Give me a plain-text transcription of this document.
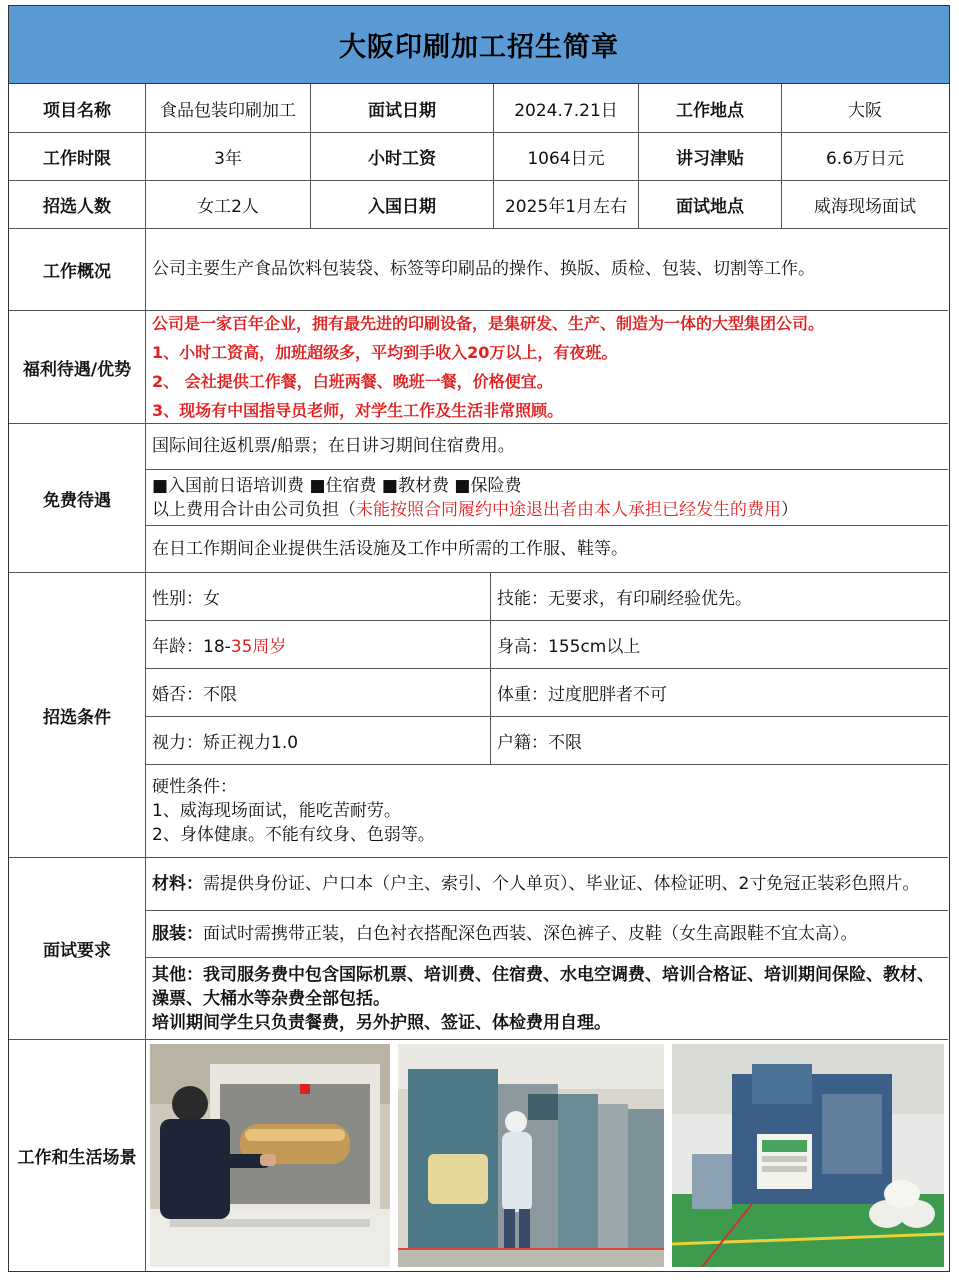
大阪印刷加工招生简章
项目名称	食品包装印刷加工	面试日期	2024.7.21日	工作地点	大阪
工作时限	3年	小时工资	1064日元	讲习津贴	6.6万日元
招选人数	女工2人	入国日期	2025年1月左右	面试地点	威海现场面试
工作概况	公司主要生产食品饮料包装袋、标签等印刷品的操作、换版、质检、包装、切割等工作。
福利待遇/优势
公司是一家百年企业，拥有最先进的印刷设备，是集研发、生产、制造为一体的大型集团公司。
1、小时工资高，加班超级多，平均到手收入20万以上，有夜班。
2、 会社提供工作餐，白班两餐、晚班一餐，价格便宜。
3、现场有中国指导员老师，对学生工作及生活非常照顾。
免费待遇
国际间往返机票/船票；在日讲习期间住宿费用。
■入国前日语培训费 ■住宿费 ■教材费 ■保险费
以上费用合计由公司负担（未能按照合同履约中途退出者由本人承担已经发生的费用）
在日工作期间企业提供生活设施及工作中所需的工作服、鞋等。
招选条件
性别：女	技能：无要求，有印刷经验优先。
年龄：18-35周岁	身高：155cm以上
婚否：不限	体重：过度肥胖者不可
视力：矫正视力1.0	户籍：不限
硬性条件：
1、威海现场面试，能吃苦耐劳。
2、身体健康。不能有纹身、色弱等。
面试要求
材料：需提供身份证、户口本（户主、索引、个人单页）、毕业证、体检证明、2寸免冠正装彩色照片。
服装：面试时需携带正装，白色衬衣搭配深色西装、深色裤子、皮鞋（女生高跟鞋不宜太高）。
其他：我司服务费中包含国际机票、培训费、住宿费、水电空调费、培训合格证、培训期间保险、教材、澡票、大桶水等杂费全部包括。
培训期间学生只负责餐费，另外护照、签证、体检费用自理。
工作和生活场景
